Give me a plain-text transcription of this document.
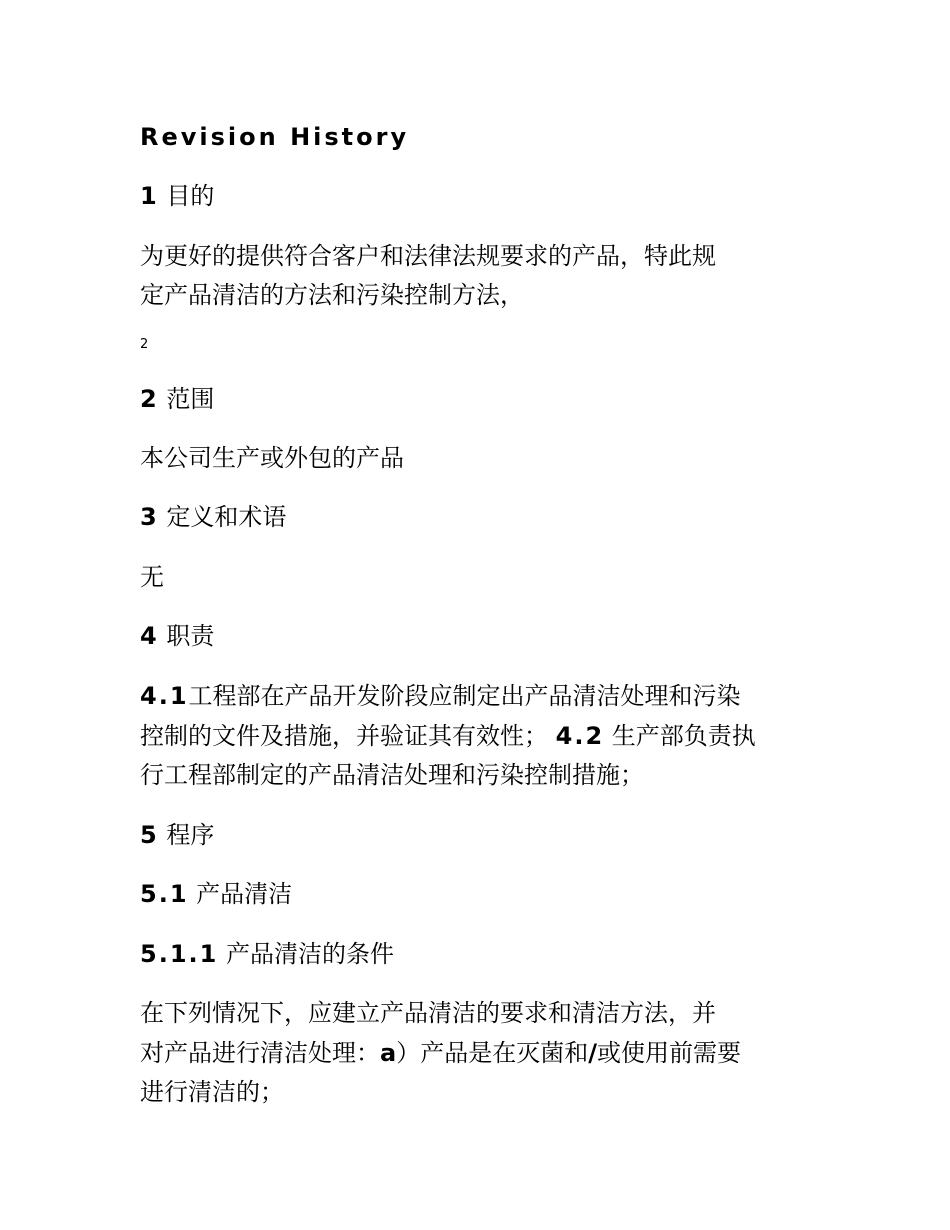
Revision History
1 目的
为更好的提供符合客户和法律法规要求的产品，特此规
定产品清洁的方法和污染控制方法，
2
2 范围
本公司生产或外包的产品
3 定义和术语
无
4 职责
4.1工程部在产品开发阶段应制定出产品清洁处理和污染
控制的文件及措施，并验证其有效性； 4.2 生产部负责执
行工程部制定的产品清洁处理和污染控制措施；
5 程序
5.1 产品清洁
5.1.1 产品清洁的条件
在下列情况下，应建立产品清洁的要求和清洁方法，并
对产品进行清洁处理：a）产品是在灭菌和/或使用前需要
进行清洁的；
